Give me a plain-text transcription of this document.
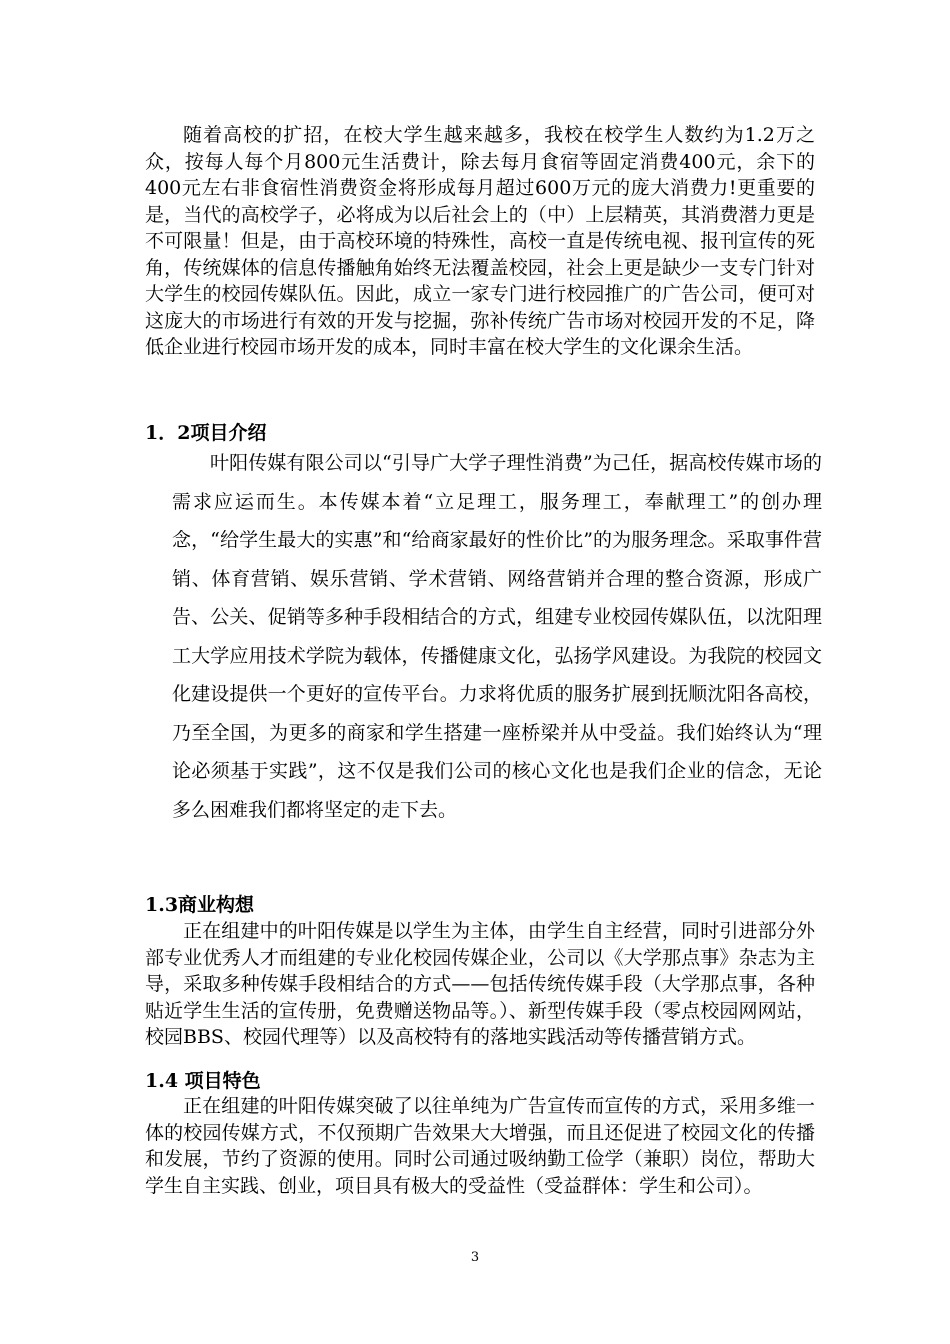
随着高校的扩招，在校大学生越来越多，我校在校学生人数约为1.2万之众，按每人每个月800元生活费计，除去每月食宿等固定消费400元，余下的400元左右非食宿性消费资金将形成每月超过600万元的庞大消费力!更重要的是，当代的高校学子，必将成为以后社会上的（中）上层精英，其消费潜力更是不可限量！但是，由于高校环境的特殊性，高校一直是传统电视、报刊宣传的死角，传统媒体的信息传播触角始终无法覆盖校园，社会上更是缺少一支专门针对大学生的校园传媒队伍。因此，成立一家专门进行校园推广的广告公司，便可对这庞大的市场进行有效的开发与挖掘，弥补传统广告市场对校园开发的不足，降低企业进行校园市场开发的成本，同时丰富在校大学生的文化课余生活。

1．2项目介绍

叶阳传媒有限公司以“引导广大学子理性消费”为己任，据高校传媒市场的需求应运而生。本传媒本着“立足理工，服务理工，奉献理工”的创办理念，“给学生最大的实惠”和“给商家最好的性价比”的为服务理念。采取事件营销、体育营销、娱乐营销、学术营销、网络营销并合理的整合资源，形成广告、公关、促销等多种手段相结合的方式，组建专业校园传媒队伍，以沈阳理工大学应用技术学院为载体，传播健康文化，弘扬学风建设。为我院的校园文化建设提供一个更好的宣传平台。力求将优质的服务扩展到抚顺沈阳各高校，乃至全国，为更多的商家和学生搭建一座桥梁并从中受益。我们始终认为“理论必须基于实践”，这不仅是我们公司的核心文化也是我们企业的信念，无论多么困难我们都将坚定的走下去。

1.3商业构想

正在组建中的叶阳传媒是以学生为主体，由学生自主经营，同时引进部分外部专业优秀人才而组建的专业化校园传媒企业，公司以《大学那点事》杂志为主导，采取多种传媒手段相结合的方式——包括传统传媒手段（大学那点事，各种贴近学生生活的宣传册，免费赠送物品等。）、新型传媒手段（零点校园网网站，校园BBS、校园代理等）以及高校特有的落地实践活动等传播营销方式。

1.4 项目特色

正在组建的叶阳传媒突破了以往单纯为广告宣传而宣传的方式，采用多维一体的校园传媒方式，不仅预期广告效果大大增强，而且还促进了校园文化的传播和发展，节约了资源的使用。同时公司通过吸纳勤工俭学（兼职）岗位，帮助大学生自主实践、创业，项目具有极大的受益性（受益群体：学生和公司）。

3
